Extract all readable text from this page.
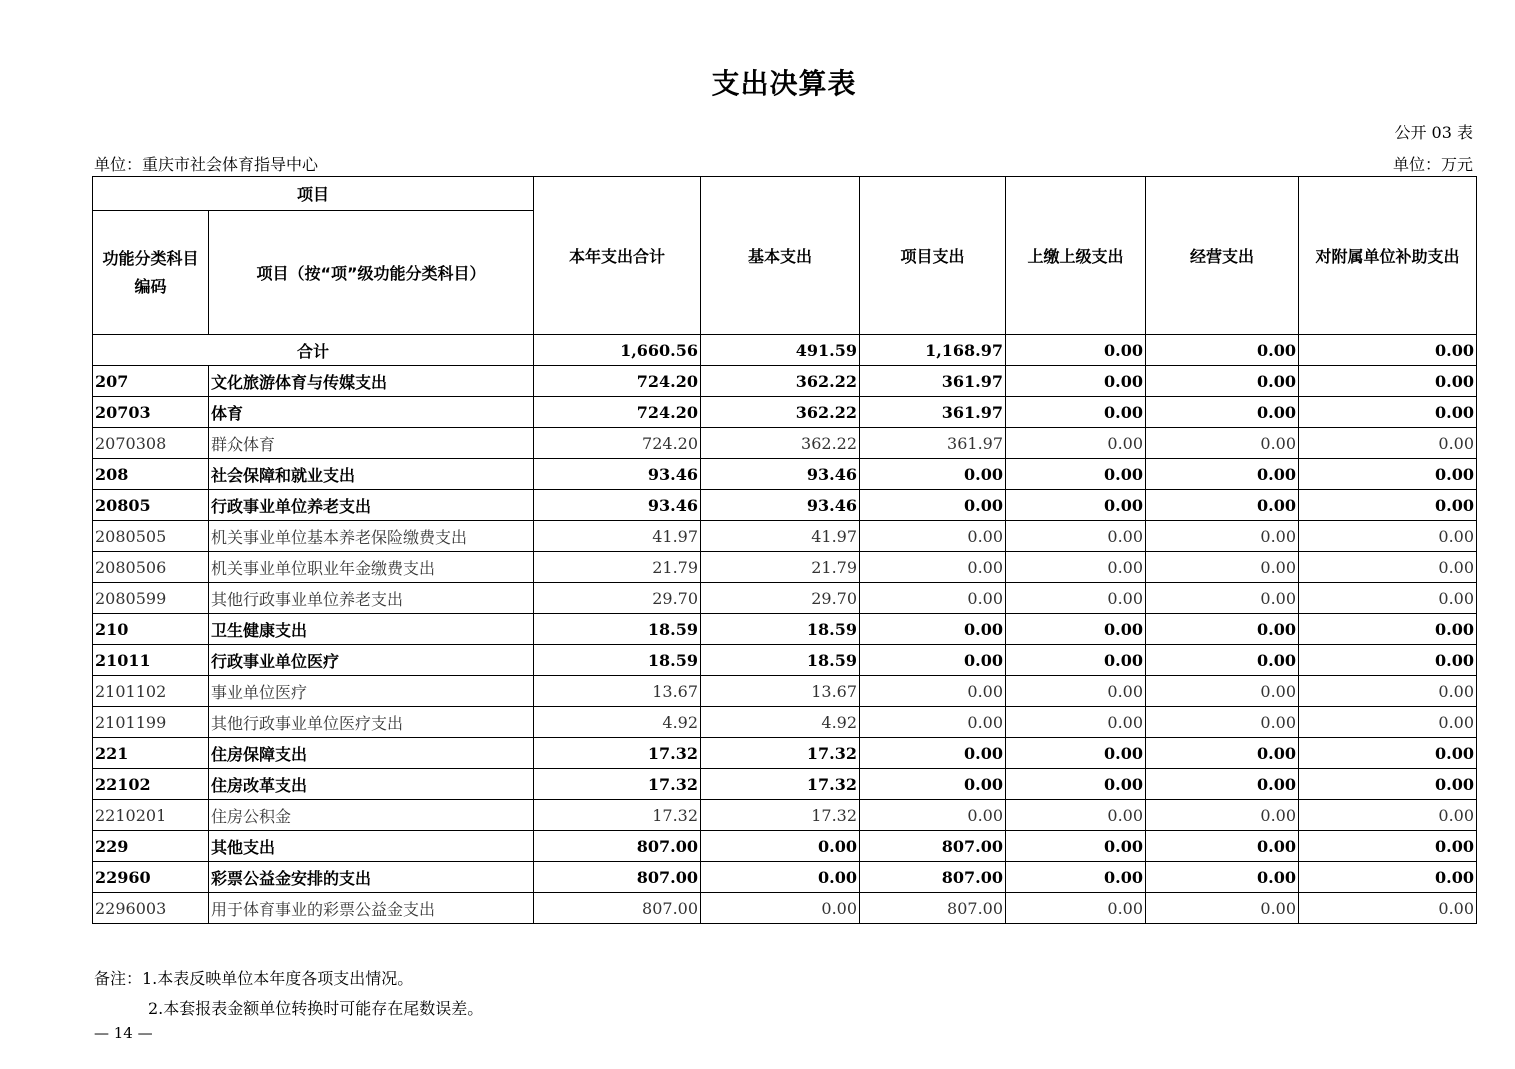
支出决算表
公开 03 表
单位：重庆市社会体育指导中心	单位：万元
项目		本年支出合计	基本支出	项目支出	上缴上级支出	经营支出	对附属单位补助支出
功能分类科目编码	项目（按“项”级功能分类科目）						
合计		1,660.56	491.59	1,168.97	0.00	0.00	0.00
207	文化旅游体育与传媒支出	724.20	362.22	361.97	0.00	0.00	0.00
20703	体育	724.20	362.22	361.97	0.00	0.00	0.00
2070308	群众体育	724.20	362.22	361.97	0.00	0.00	0.00
208	社会保障和就业支出	93.46	93.46	0.00	0.00	0.00	0.00
20805	行政事业单位养老支出	93.46	93.46	0.00	0.00	0.00	0.00
2080505	机关事业单位基本养老保险缴费支出	41.97	41.97	0.00	0.00	0.00	0.00
2080506	机关事业单位职业年金缴费支出	21.79	21.79	0.00	0.00	0.00	0.00
2080599	其他行政事业单位养老支出	29.70	29.70	0.00	0.00	0.00	0.00
210	卫生健康支出	18.59	18.59	0.00	0.00	0.00	0.00
21011	行政事业单位医疗	18.59	18.59	0.00	0.00	0.00	0.00
2101102	事业单位医疗	13.67	13.67	0.00	0.00	0.00	0.00
2101199	其他行政事业单位医疗支出	4.92	4.92	0.00	0.00	0.00	0.00
221	住房保障支出	17.32	17.32	0.00	0.00	0.00	0.00
22102	住房改革支出	17.32	17.32	0.00	0.00	0.00	0.00
2210201	住房公积金	17.32	17.32	0.00	0.00	0.00	0.00
229	其他支出	807.00	0.00	807.00	0.00	0.00	0.00
22960	彩票公益金安排的支出	807.00	0.00	807.00	0.00	0.00	0.00
2296003	用于体育事业的彩票公益金支出	807.00	0.00	807.00	0.00	0.00	0.00
备注：1.本表反映单位本年度各项支出情况。
2.本套报表金额单位转换时可能存在尾数误差。
— 14 —
